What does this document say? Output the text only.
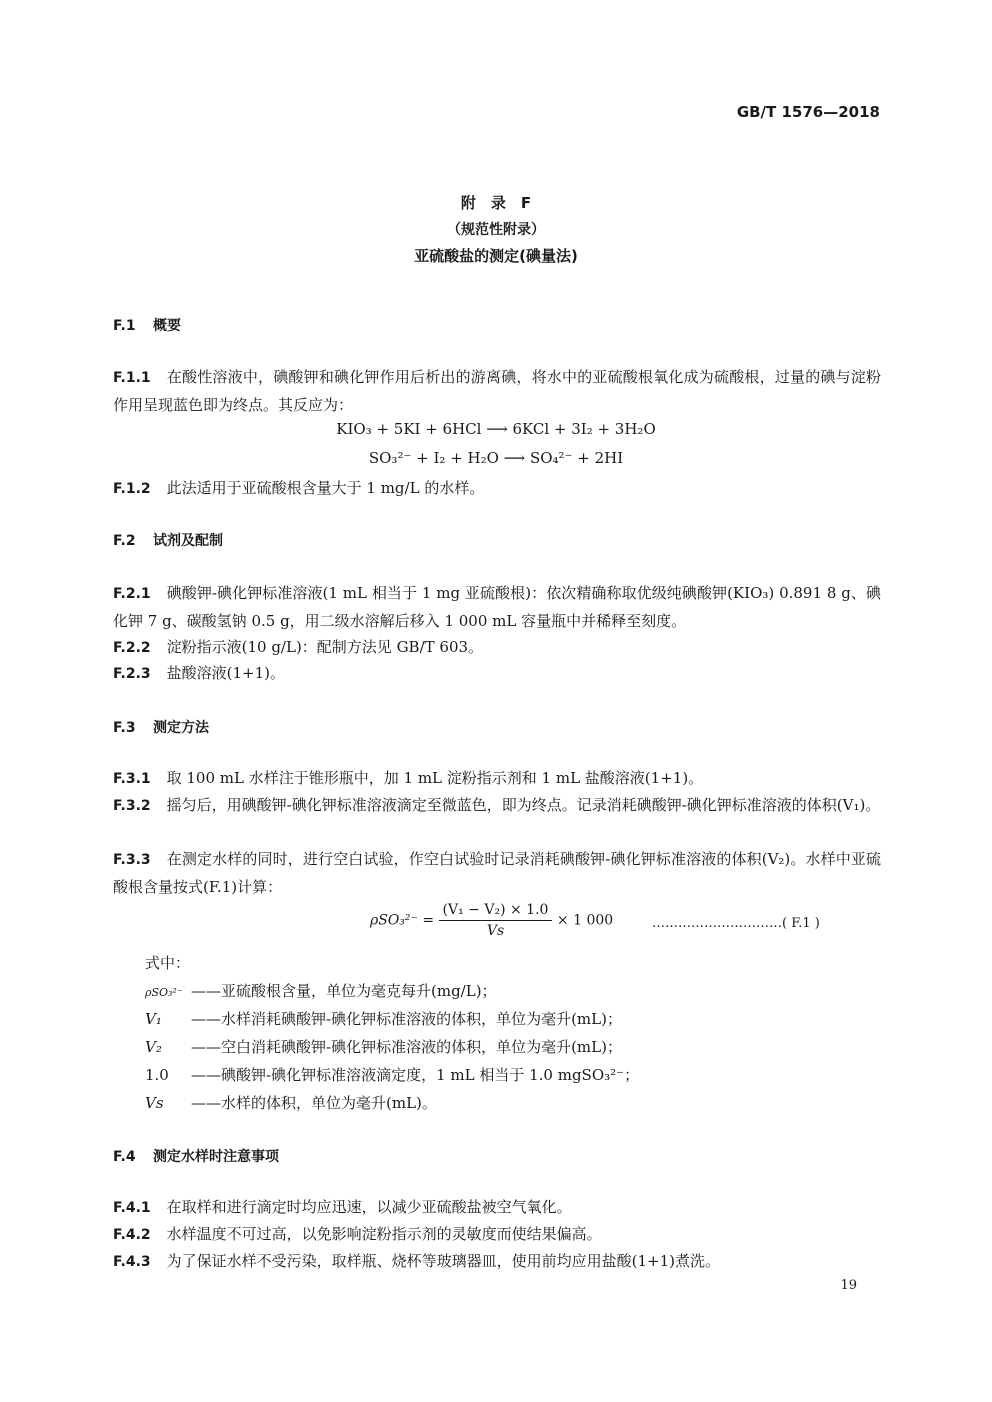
GB/T 1576—2018
附　录　F
（规范性附录）
亚硫酸盐的测定(碘量法)
F.1 概要
F.1.1 在酸性溶液中，碘酸钾和碘化钾作用后析出的游离碘，将水中的亚硫酸根氧化成为硫酸根，过量的碘与淀粉作用呈现蓝色即为终点。其反应为：
KIO₃ + 5KI + 6HCl ⟶ 6KCl + 3I₂ + 3H₂O
SO₃²⁻ + I₂ + H₂O ⟶ SO₄²⁻ + 2HI
F.1.2 此法适用于亚硫酸根含量大于 1 mg/L 的水样。
F.2 试剂及配制
F.2.1 碘酸钾-碘化钾标准溶液(1 mL 相当于 1 mg 亚硫酸根)：依次精确称取优级纯碘酸钾(KIO₃) 0.891 8 g、碘化钾 7 g、碳酸氢钠 0.5 g，用二级水溶解后移入 1 000 mL 容量瓶中并稀释至刻度。
F.2.2 淀粉指示液(10 g/L)：配制方法见 GB/T 603。
F.2.3 盐酸溶液(1+1)。
F.3 测定方法
F.3.1 取 100 mL 水样注于锥形瓶中，加 1 mL 淀粉指示剂和 1 mL 盐酸溶液(1+1)。
F.3.2 摇匀后，用碘酸钾-碘化钾标准溶液滴定至微蓝色，即为终点。记录消耗碘酸钾-碘化钾标准溶液的体积(V₁)。
F.3.3 在测定水样的同时，进行空白试验，作空白试验时记录消耗碘酸钾-碘化钾标准溶液的体积(V₂)。水样中亚硫酸根含量按式(F.1)计算：
$\rho SO_3^{2-} = \frac{\text{(V₁ − V₂) × 1.0}}{Vs} \times 1$ 000	…………………………( F.1 )
式中：
ρSO₃²⁻ ——亚硫酸根含量，单位为毫克每升(mg/L)；
V₁ ——水样消耗碘酸钾-碘化钾标准溶液的体积，单位为毫升(mL)；
V₂ ——空白消耗碘酸钾-碘化钾标准溶液的体积，单位为毫升(mL)；
1.0 ——碘酸钾-碘化钾标准溶液滴定度，1 mL 相当于 1.0 mgSO₃²⁻；
Vs ——水样的体积，单位为毫升(mL)。
F.4 测定水样时注意事项
F.4.1 在取样和进行滴定时均应迅速，以减少亚硫酸盐被空气氧化。
F.4.2 水样温度不可过高，以免影响淀粉指示剂的灵敏度而使结果偏高。
F.4.3 为了保证水样不受污染，取样瓶、烧杯等玻璃器皿，使用前均应用盐酸(1+1)煮洗。
19
